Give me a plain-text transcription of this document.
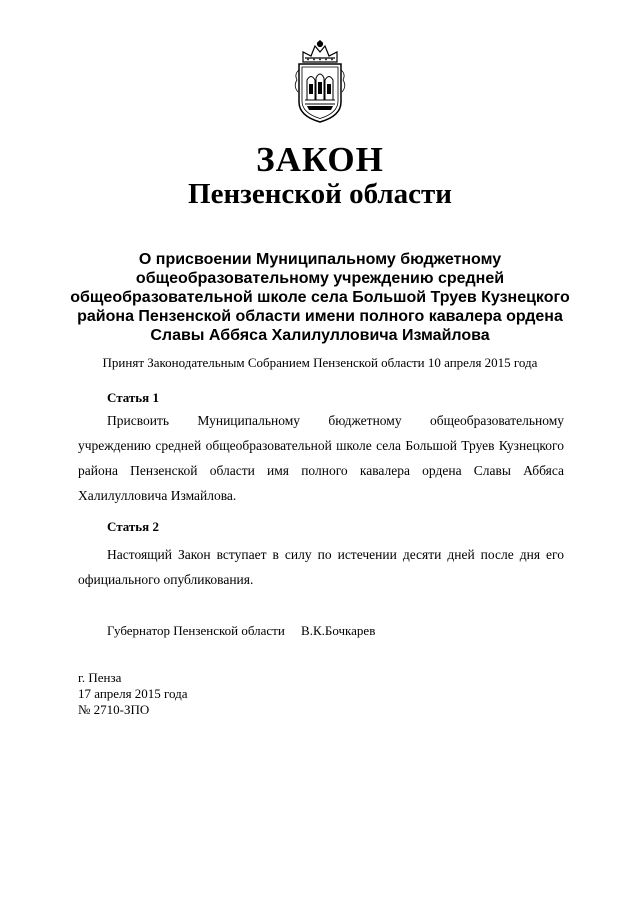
ЗАКОН
Пензенской области
О присвоении Муниципальному бюджетному общеобразовательному учреждению средней общеобразовательной школе села Большой Труев Кузнецкого района Пензенской области имени полного кавалера ордена Славы Аббяса Халилулловича Измайлова
Принят Законодательным Собранием Пензенской области 10 апреля 2015 года
Статья 1
Присвоить Муниципальному бюджетному общеобразовательному учреждению средней общеобразовательной школе села Большой Труев Кузнецкого района Пензенской области имя полного кавалера ордена Славы Аббяса Халилулловича Измайлова.
Статья 2
Настоящий Закон вступает в силу по истечении десяти дней после дня его официального опубликования.
Губернатор Пензенской области В.К.Бочкарев
г. Пенза
17 апреля 2015 года
№ 2710-ЗПО
